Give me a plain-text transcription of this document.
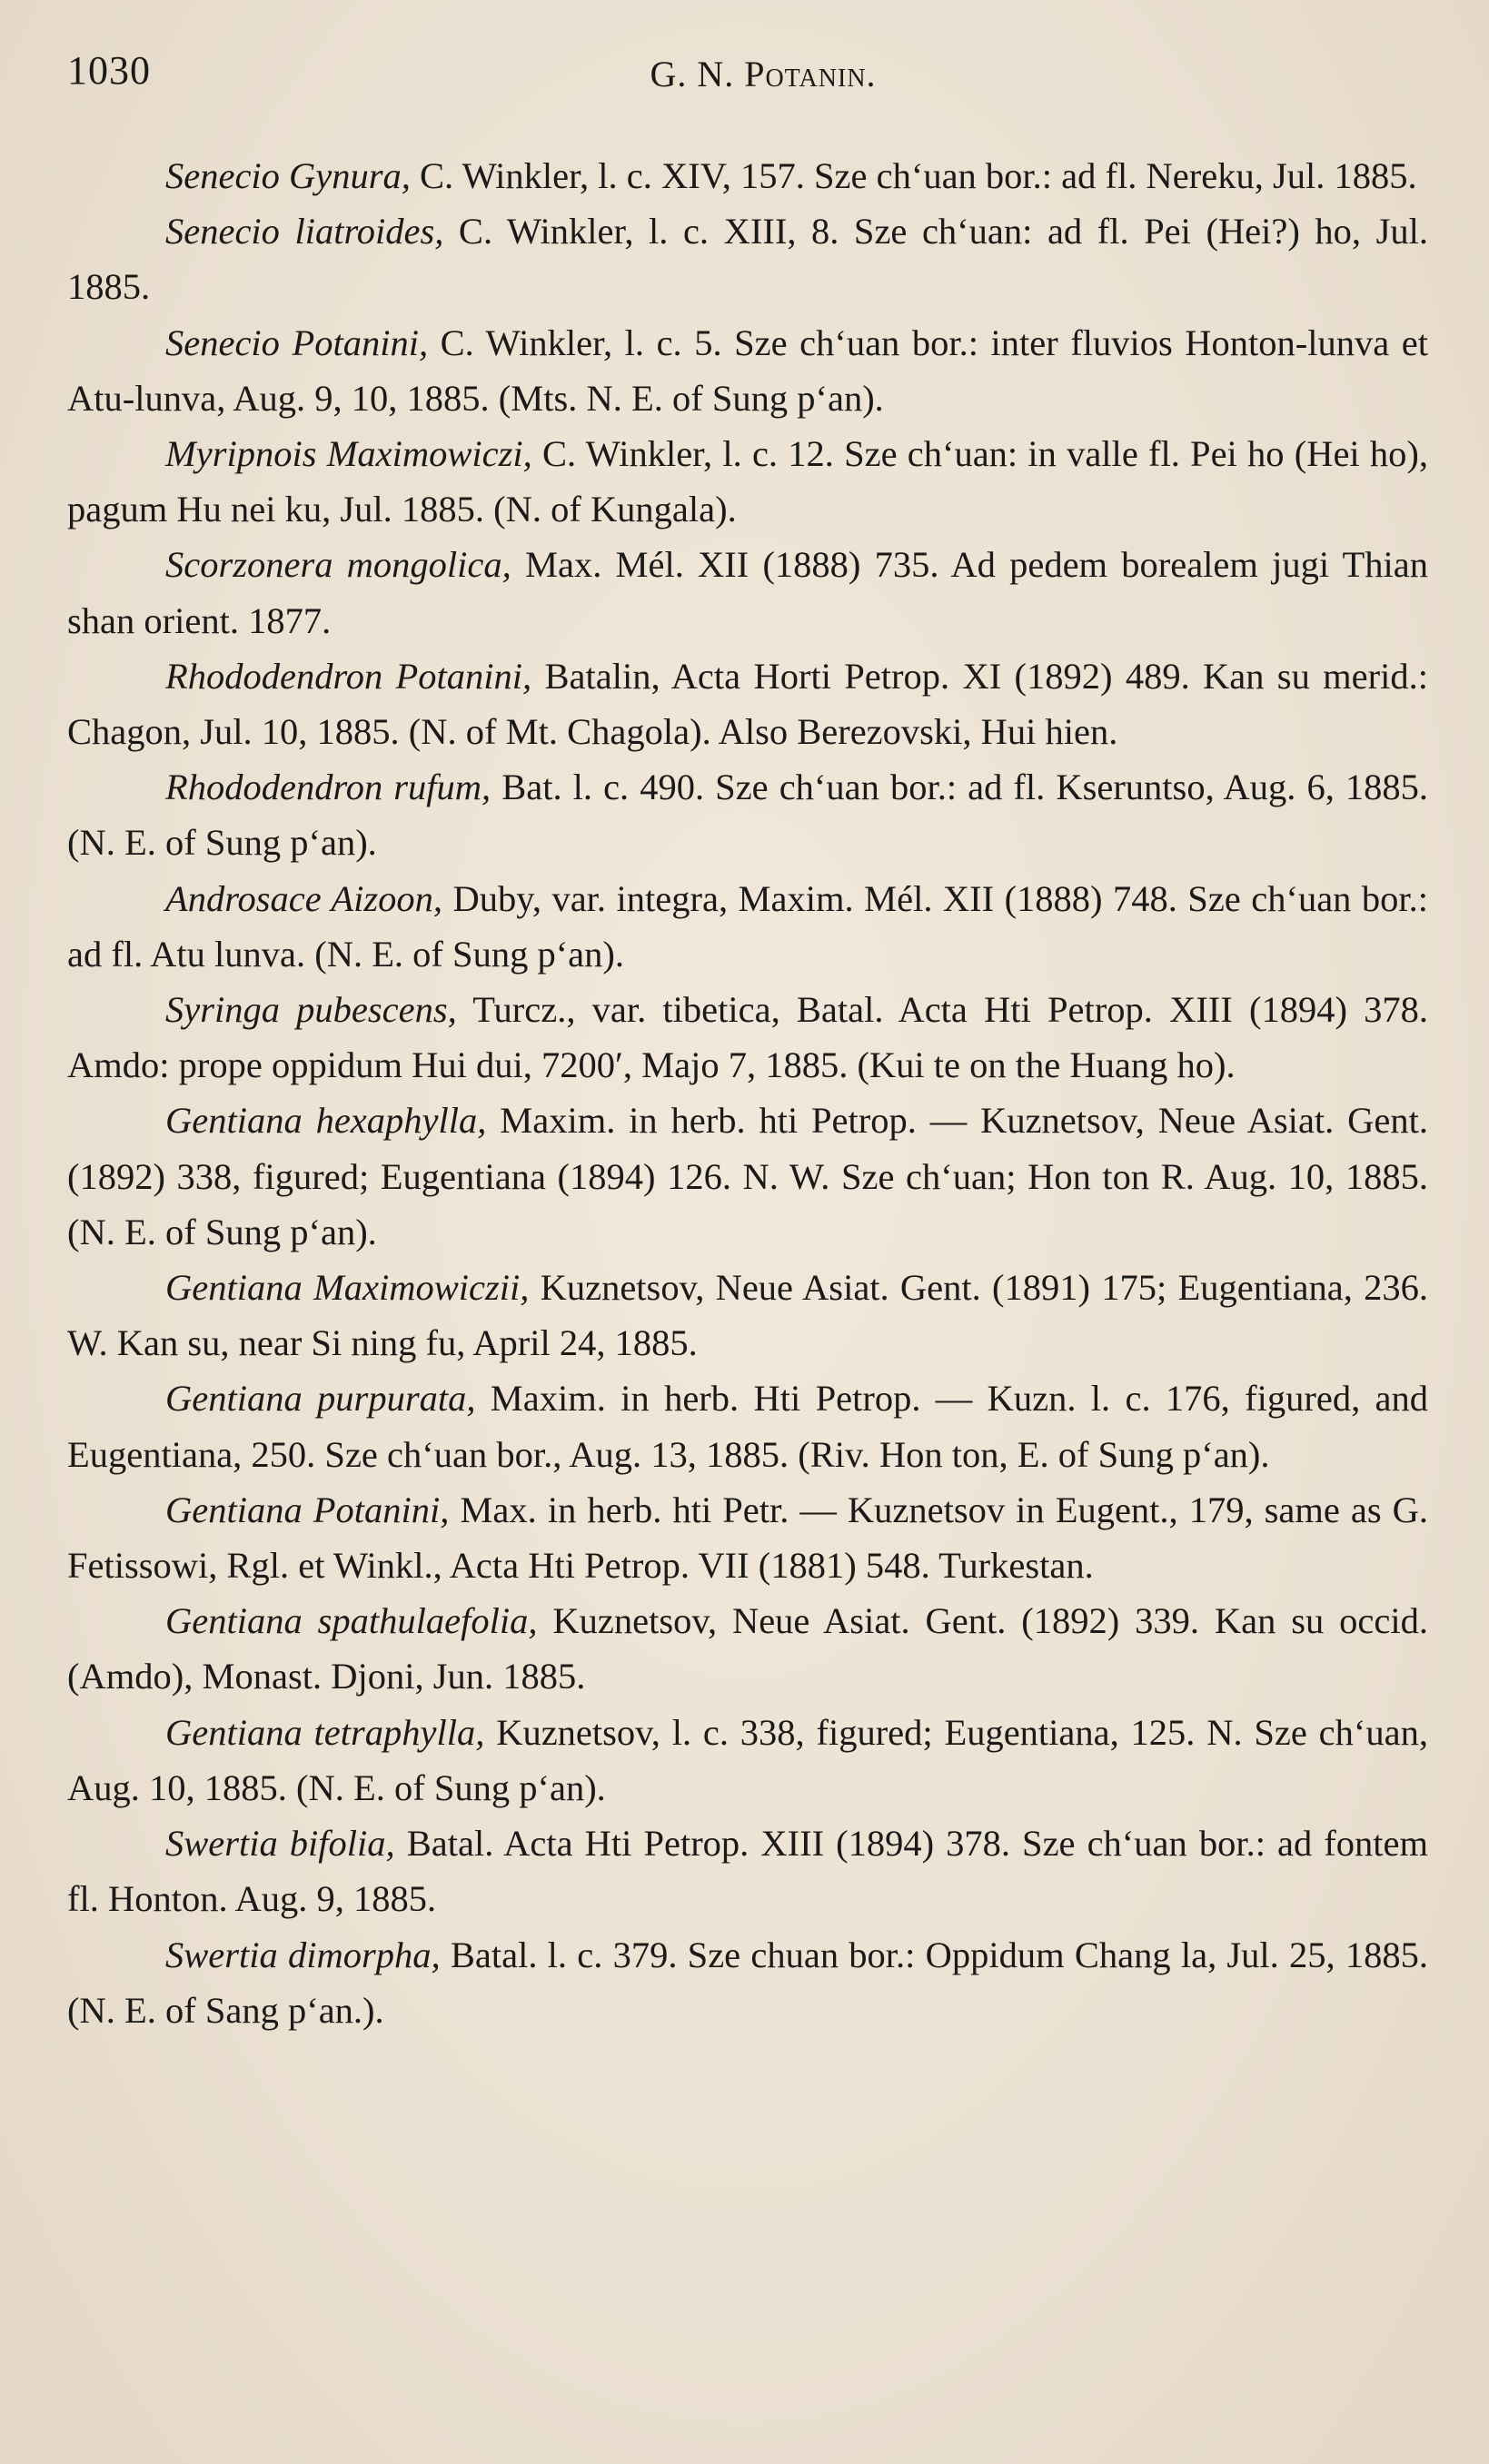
1030	G. N. Potanin.

Senecio Gynura, C. Winkler, l. c. XIV, 157. Sze chʻuan bor.: ad fl. Nereku, Jul. 1885.

Senecio liatroides, C. Winkler, l. c. XIII, 8. Sze chʻuan: ad fl. Pei (Hei?) ho, Jul. 1885.

Senecio Potanini, C. Winkler, l. c. 5. Sze chʻuan bor.: inter fluvios Honton-lunva et Atu-lunva, Aug. 9, 10, 1885. (Mts. N. E. of Sung pʻan).

Myripnois Maximowiczi, C. Winkler, l. c. 12. Sze chʻuan: in valle fl. Pei ho (Hei ho), pagum Hu nei ku, Jul. 1885. (N. of Kungala).

Scorzonera mongolica, Max. Mél. XII (1888) 735. Ad pedem borealem jugi Thian shan orient. 1877.

Rhododendron Potanini, Batalin, Acta Horti Petrop. XI (1892) 489. Kan su merid.: Chagon, Jul. 10, 1885. (N. of Mt. Chagola). Also Berezovski, Hui hien.

Rhododendron rufum, Bat. l. c. 490. Sze chʻuan bor.: ad fl. Kseruntso, Aug. 6, 1885. (N. E. of Sung pʻan).

Androsace Aizoon, Duby, var. integra, Maxim. Mél. XII (1888) 748. Sze chʻuan bor.: ad fl. Atu lunva. (N. E. of Sung pʻan).

Syringa pubescens, Turcz., var. tibetica, Batal. Acta Hti Petrop. XIII (1894) 378. Amdo: prope oppidum Hui dui, 7200′, Majo 7, 1885. (Kui te on the Huang ho).

Gentiana hexaphylla, Maxim. in herb. hti Petrop. — Kuznetsov, Neue Asiat. Gent. (1892) 338, figured; Eugentiana (1894) 126. N. W. Sze chʻuan; Hon ton R. Aug. 10, 1885. (N. E. of Sung pʻan).

Gentiana Maximowiczii, Kuznetsov, Neue Asiat. Gent. (1891) 175; Eugentiana, 236. W. Kan su, near Si ning fu, April 24, 1885.

Gentiana purpurata, Maxim. in herb. Hti Petrop. — Kuzn. l. c. 176, figured, and Eugentiana, 250. Sze chʻuan bor., Aug. 13, 1885. (Riv. Hon ton, E. of Sung pʻan).

Gentiana Potanini, Max. in herb. hti Petr. — Kuznetsov in Eugent., 179, same as G. Fetissowi, Rgl. et Winkl., Acta Hti Petrop. VII (1881) 548. Turkestan.

Gentiana spathulaefolia, Kuznetsov, Neue Asiat. Gent. (1892) 339. Kan su occid. (Amdo), Monast. Djoni, Jun. 1885.

Gentiana tetraphylla, Kuznetsov, l. c. 338, figured; Eugentiana, 125. N. Sze chʻuan, Aug. 10, 1885. (N. E. of Sung pʻan).

Swertia bifolia, Batal. Acta Hti Petrop. XIII (1894) 378. Sze chʻuan bor.: ad fontem fl. Honton. Aug. 9, 1885.

Swertia dimorpha, Batal. l. c. 379. Sze chuan bor.: Oppidum Chang la, Jul. 25, 1885. (N. E. of Sang pʻan.).
